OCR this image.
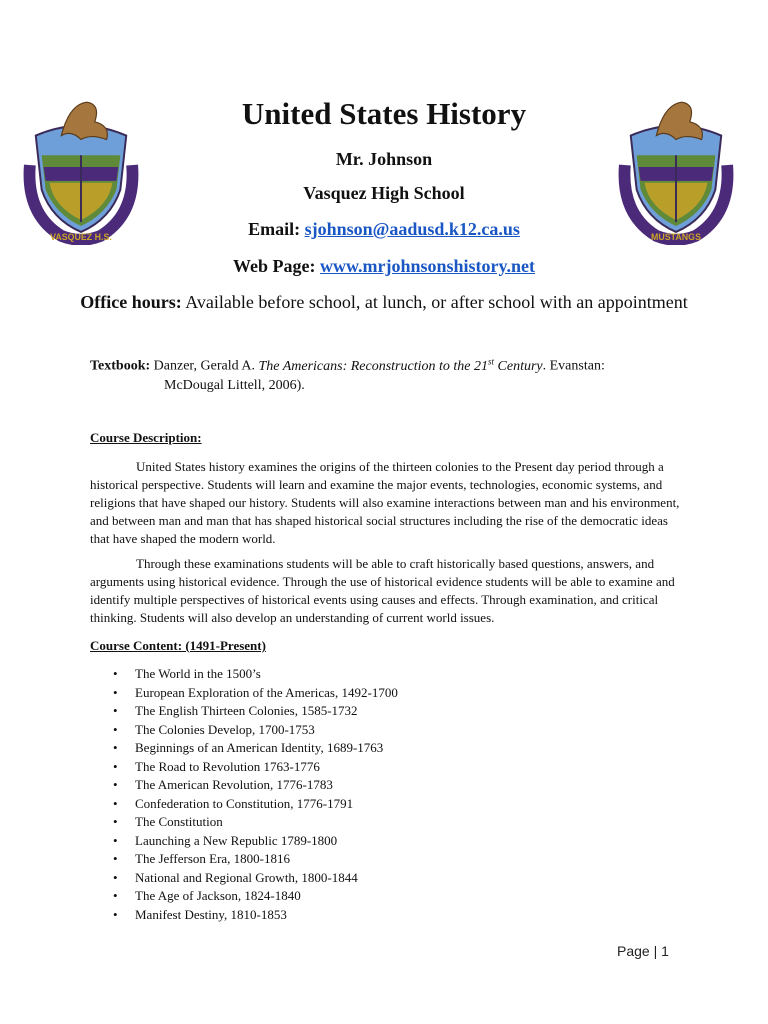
VASQUEZ H.S.	MUSTANGS
United States History
Mr. Johnson
Vasquez High School
Email: sjohnson@aadusd.k12.ca.us
Web Page: www.mrjohnsonshistory.net
Office hours: Available before school, at lunch, or after school with an appointment
Textbook: Danzer, Gerald A. The Americans: Reconstruction to the 21st Century. Evanstan:
McDougal Littell, 2006).
Course Description:

United States history examines the origins of the thirteen colonies to the Present day period through a historical perspective. Students will learn and examine the major events, technologies, economic systems, and religions that have shaped our history. Students will also examine interactions between man and his environment, and between man and man that has shaped historical social structures including the rise of the democratic ideas that have shaped the modern world.

Through these examinations students will be able to craft historically based questions, answers, and arguments using historical evidence. Through the use of historical evidence students will be able to examine and identify multiple perspectives of historical events using causes and effects. Through examination, and critical thinking. Students will also develop an understanding of current world issues.

Course Content: (1491-Present)
• The World in the 1500’s
• European Exploration of the Americas, 1492-1700
• The English Thirteen Colonies, 1585-1732
• The Colonies Develop, 1700-1753
• Beginnings of an American Identity, 1689-1763
• The Road to Revolution 1763-1776
• The American Revolution, 1776-1783
• Confederation to Constitution, 1776-1791
• The Constitution
• Launching a New Republic 1789-1800
• The Jefferson Era, 1800-1816
• National and Regional Growth, 1800-1844
• The Age of Jackson, 1824-1840
• Manifest Destiny, 1810-1853
Page | 1
